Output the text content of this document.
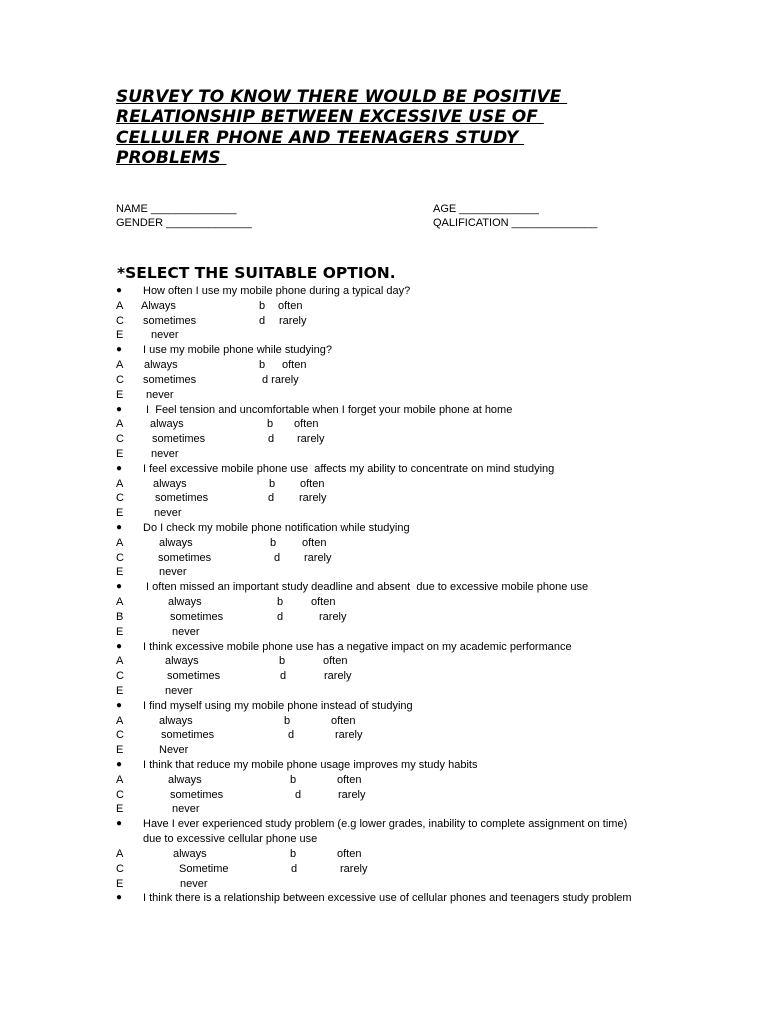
SURVEY TO KNOW THERE WOULD BE POSITIVE
RELATIONSHIP BETWEEN EXCESSIVE USE OF
CELLULER PHONE AND TEENAGERS STUDY
PROBLEMS
NAME ______________	AGE _____________
GENDER ______________	QALIFICATION ______________
*SELECT THE SUITABLE OPTION.
● How often I use my mobile phone during a typical day?
A Always	b often
C sometimes	d rarely
E	never
● I use my mobile phone while studying?
A always	b often
C sometimes	d rarely
E never
● I  Feel tension and uncomfortable when I forget your mobile phone at home
A always	b often
C	sometimes	d rarely
E	never
● I feel excessive mobile phone use  affects my ability to concentrate on mind studying
A	always	b often
C	sometimes	d rarely
E	never
● Do I check my mobile phone notification while studying
A	always	b often
C	sometimes	d rarely
E	never
● I often missed an important study deadline and absent  due to excessive mobile phone use
A	always	b	often
B	sometimes	d	rarely
E	never
● I think excessive mobile phone use has a negative impact on my academic performance
A	always	b	often
C	sometimes	d	rarely
E	never
● I find myself using my mobile phone instead of studying
A	always	b	often
C	sometimes	d	rarely
E	Never
● I think that reduce my mobile phone usage improves my study habits
A	always	b	often
C	sometimes	d	rarely
E	never
● Have I ever experienced study problem (e.g lower grades, inability to complete assignment on time) due to excessive cellular phone use
A	always	b	often
C	Sometime	d	rarely
E	never
● I think there is a relationship between excessive use of cellular phones and teenagers study problem
